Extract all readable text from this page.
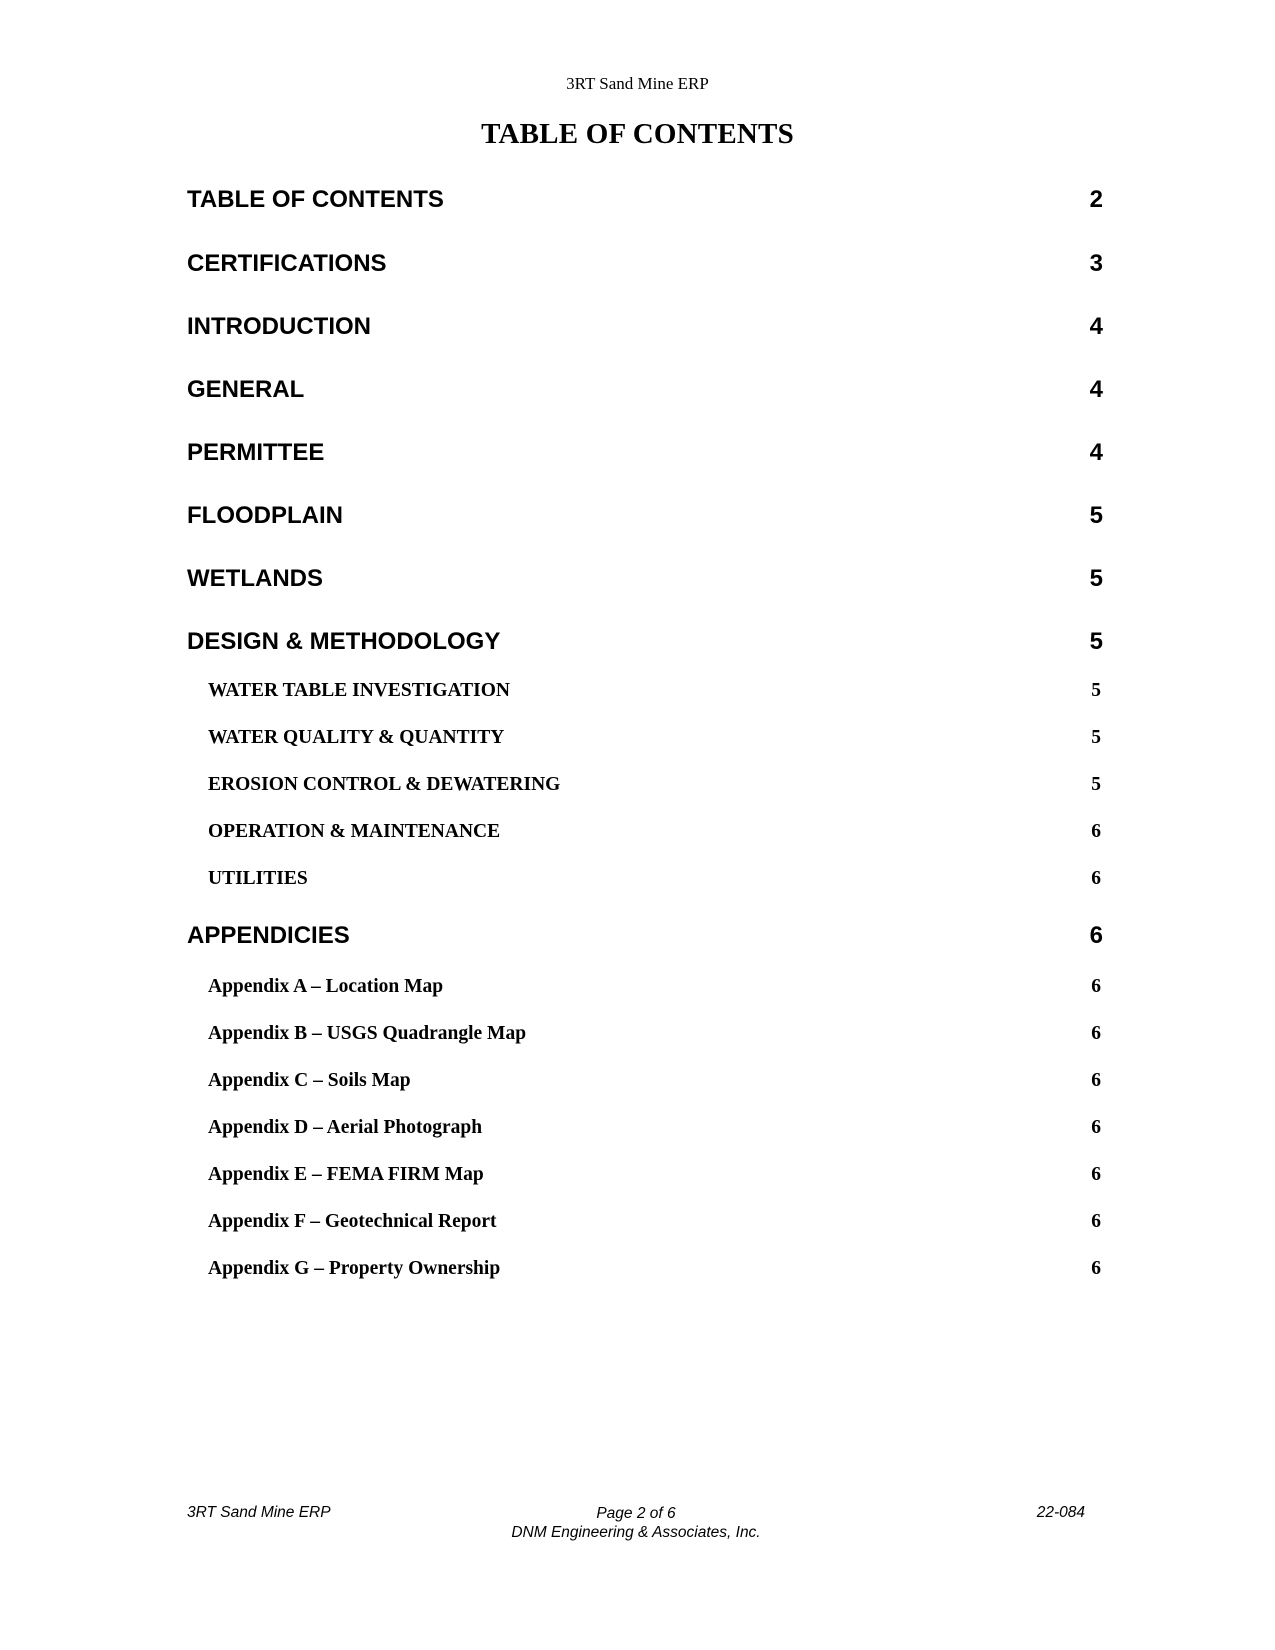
3RT Sand Mine ERP
TABLE OF CONTENTS
TABLE OF CONTENTS	2
CERTIFICATIONS	3
INTRODUCTION	4
GENERAL	4
PERMITTEE	4
FLOODPLAIN	5
WETLANDS	5
DESIGN & METHODOLOGY	5
WATER TABLE INVESTIGATION	5
WATER QUALITY & QUANTITY	5
EROSION CONTROL & DEWATERING	5
OPERATION & MAINTENANCE	6
UTILITIES	6
APPENDICIES	6
Appendix A – Location Map	6
Appendix B – USGS Quadrangle Map	6
Appendix C – Soils Map	6
Appendix D – Aerial Photograph	6
Appendix E – FEMA FIRM Map	6
Appendix F – Geotechnical Report	6
Appendix G – Property Ownership	6
3RT Sand Mine ERP	Page 2 of 6
DNM Engineering & Associates, Inc.
22-084
